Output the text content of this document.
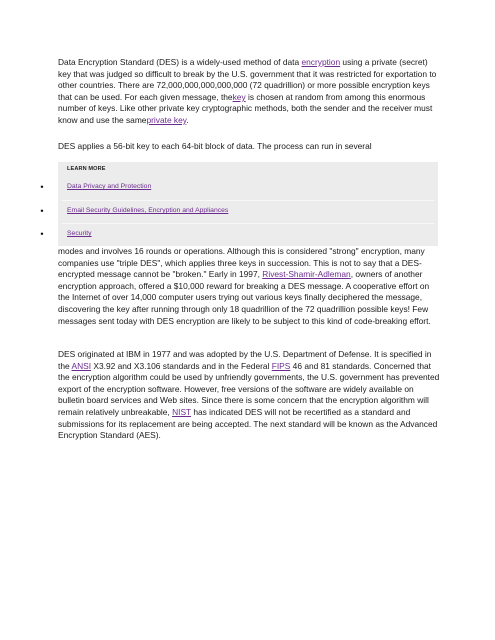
Data Encryption Standard (DES) is a widely-used method of data encryption using a private (secret) key that was judged so difficult to break by the U.S. government that it was restricted for exportation to other countries. There are 72,000,000,000,000,000 (72 quadrillion) or more possible encryption keys that can be used. For each given message, thekey is chosen at random from among this enormous number of keys. Like other private key cryptographic methods, both the sender and the receiver must know and use the sameprivate key.

DES applies a 56-bit key to each 64-bit block of data. The process can run in several

LEARN MORE
•	Data Privacy and Protection
•	Email Security Guidelines, Encryption and Appliances
•	Security

modes and involves 16 rounds or operations. Although this is considered "strong" encryption, many companies use "triple DES", which applies three keys in succession. This is not to say that a DES-encrypted message cannot be "broken." Early in 1997, Rivest-Shamir-Adleman, owners of another encryption approach, offered a $10,000 reward for breaking a DES message. A cooperative effort on the Internet of over 14,000 computer users trying out various keys finally deciphered the message, discovering the key after running through only 18 quadrillion of the 72 quadrillion possible keys! Few messages sent today with DES encryption are likely to be subject to this kind of code-breaking effort.

DES originated at IBM in 1977 and was adopted by the U.S. Department of Defense. It is specified in the ANSI X3.92 and X3.106 standards and in the Federal FIPS 46 and 81 standards. Concerned that the encryption algorithm could be used by unfriendly governments, the U.S. government has prevented export of the encryption software. However, free versions of the software are widely available on bulletin board services and Web sites. Since there is some concern that the encryption algorithm will remain relatively unbreakable, NIST has indicated DES will not be recertified as a standard and submissions for its replacement are being accepted. The next standard will be known as the Advanced Encryption Standard (AES).
